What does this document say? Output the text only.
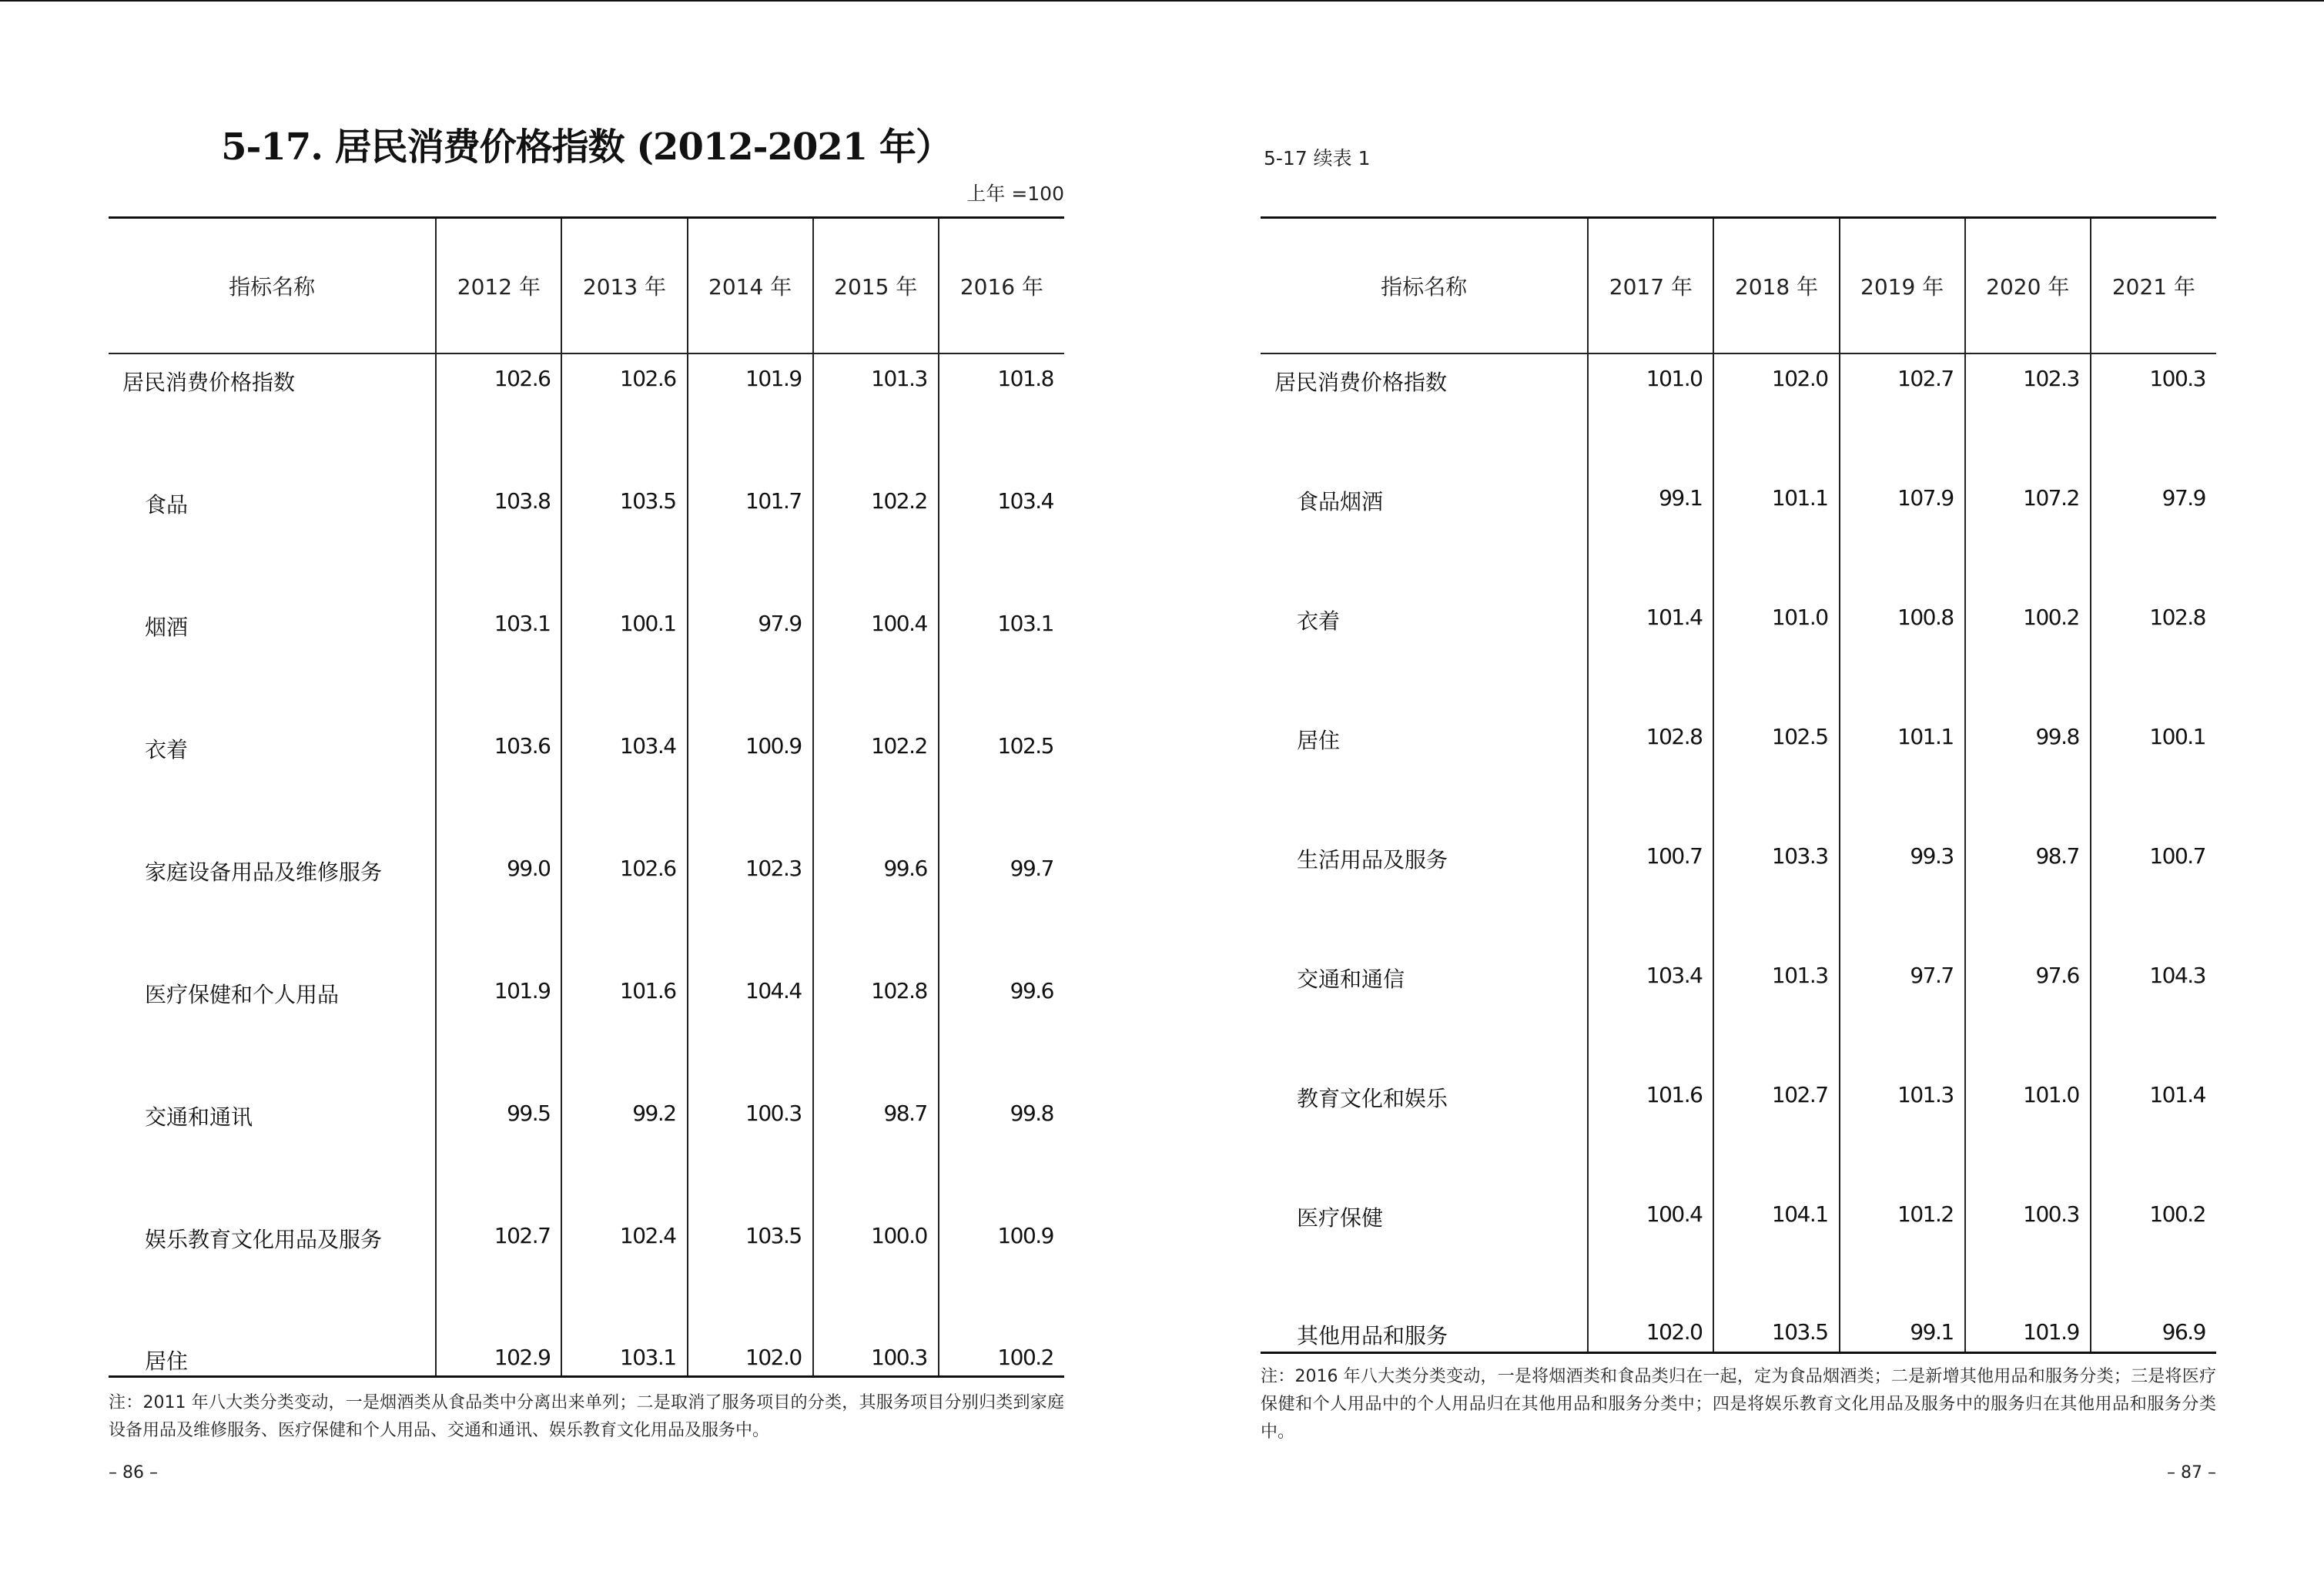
5-17. 居民消费价格指数 (2012-2021 年）
上年 =100
指标名称	2012 年	2013 年	2014 年	2015 年	2016 年

居民消费价格指数	102.6	102.6	101.9	101.3	101.8

食品	103.8	103.5	101.7	102.2	103.4

烟酒	103.1	100.1	97.9	100.4	103.1

衣着	103.6	103.4	100.9	102.2	102.5

家庭设备用品及维修服务	99.0	102.6	102.3	99.6	99.7

医疗保健和个人用品	101.9	101.6	104.4	102.8	99.6

交通和通讯	99.5	99.2	100.3	98.7	99.8

娱乐教育文化用品及服务	102.7	102.4	103.5	100.0	100.9

居住	102.9	103.1	102.0	100.3	100.2
注：2011 年八大类分类变动，一是烟酒类从食品类中分离出来单列；二是取消了服务项目的分类，其服务项目分别归类到家庭设备用品及维修服务、医疗保健和个人用品、交通和通讯、娱乐教育文化用品及服务中。
– 86 –
5-17 续表 1
指标名称	2017 年	2018 年	2019 年	2020 年	2021 年

居民消费价格指数	101.0	102.0	102.7	102.3	100.3

食品烟酒	99.1	101.1	107.9	107.2	97.9

衣着	101.4	101.0	100.8	100.2	102.8

居住	102.8	102.5	101.1	99.8	100.1

生活用品及服务	100.7	103.3	99.3	98.7	100.7

交通和通信	103.4	101.3	97.7	97.6	104.3

教育文化和娱乐	101.6	102.7	101.3	101.0	101.4

医疗保健	100.4	104.1	101.2	100.3	100.2

其他用品和服务	102.0	103.5	99.1	101.9	96.9
注：2016 年八大类分类变动，一是将烟酒类和食品类归在一起，定为食品烟酒类；二是新增其他用品和服务分类；三是将医疗保健和个人用品中的个人用品归在其他用品和服务分类中；四是将娱乐教育文化用品及服务中的服务归在其他用品和服务分类中。
– 87 –
